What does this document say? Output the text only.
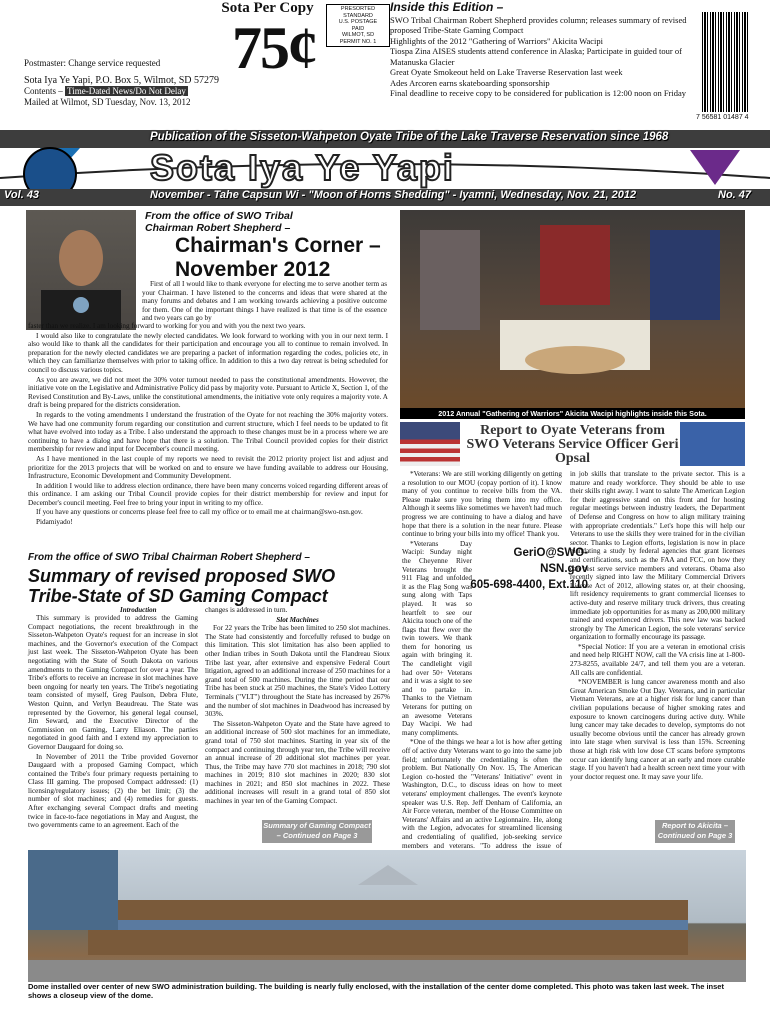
Postmaster: Change service requested
Sota Iya Ye Yapi, P.O. Box 5, Wilmot, SD 57279
Contents – Time-Dated News/Do Not Delay
Mailed at Wilmot, SD Tuesday, Nov. 13, 2012
Sota Per Copy
75¢
PRESORTED
STANDARD
U.S. POSTAGE
PAID
WILMOT, SD
PERMIT NO. 1
Inside this Edition –
SWO Tribal Chairman Robert Shepherd provides column; releases summary of revised proposed Tribe-State Gaming Compact
Highlights of the 2012 "Gathering of Warriors" Akicita Wacipi
Tiospa Zina AISES students attend conference in Alaska; Participate in guided tour of Matanuska Glacier
Great Oyate Smokeout held on Lake Traverse Reservation last week
Ades Arcoren earns skateboarding sponsorship
Final deadline to receive copy to be considered for publication is 12:00 noon on Friday
7 56581 01487 4
Publication of the Sisseton-Wahpeton Oyate Tribe of the Lake Traverse Reservation since 1968
Sota Iya Ye Yapi
Vol. 43	November - Tahe Capsun Wi - "Moon of Horns Shedding" - Iyamni, Wednesday, Nov. 21, 2012	No. 47
From the office of SWO Tribal
Chairman Robert Shepherd –
Chairman's Corner –
November 2012

First of all I would like to thank everyone for electing me to serve another term as your Chairman. I have listened to the concerns and ideas that were shared at the many forums and debates and I am working towards achieving a positive outcome for them. One of the important things I have realized is that time is of the essence and two years can go by

faster than we realize. I am looking forward to working for you and with you the next two years.

I would also like to congratulate the newly elected candidates. We look forward to working with you in our next term. I also would like to thank all the candidates for their participation and encourage you all to continue to remain involved. In preparation for the newly elected candidates we are preparing a packet of information regarding the codes, policies etc, in which they can familiarize themselves with prior to taking office. In addition to this a two day retreat is being scheduled for council to discuss various topics.

As you are aware, we did not meet the 30% voter turnout needed to pass the constitutional amendments. However, the initiative vote on the Legislative and Administrative Policy did pass by majority vote. Pursuant to Article X, Section 1, of the Revised Constitution and By-Laws, unlike the constitutional amendments, the initiative vote only requires a majority vote. A draft is being prepared for the districts consideration.

In regards to the voting amendments I understand the frustration of the Oyate for not reaching the 30% majority voters. We have had one community forum regarding our constitution and current structure, which I feel needs to be updated to fit what have evolved into today as a Tribe. I also understand the approach to these changes must be in a process where we are continuing to have a dialog and have hope that there is a solution. The Tribal Council provided copies for their district membership for review and input for December's council meeting.

As I have mentioned in the last couple of my reports we need to revisit the 2012 priority project list and adjust and prioritize for the 2013 projects that will be worked on and to ensure we have funding available to address our Housing, Infrastructure, Economic Development and Community Development.

In addition I would like to address election ordinance, there have been many concerns voiced regarding different areas of this ordinance. I am asking our Tribal Council provide copies for their district membership for review and input for December's council meeting. Feel free to bring your input in writing to my office.

If you have any questions or concerns please feel free to call my office or to email me at chairman@swo-nsn.gov.

Pidamiyado!

2012 Annual "Gathering of Warriors" Akicita Wacipi highlights inside this Sota.
From the office of SWO Tribal Chairman Robert Shepherd –
Summary of revised proposed SWO Tribe-State of SD Gaming Compact
Introduction

This summary is provided to address the Gaming Compact negotiations, the recent breakthrough in the Sisseton-Wahpeton Oyate's request for an increase in slot machines, and the Governor's execution of the Compact just last week. The Sisseton-Wahpeton Oyate has been negotiating with the State of South Dakota on various amendments to the Gaming Compact for over a year. The Tribe's efforts to receive an increase in slot machines have been ongoing for nearly ten years. The Tribe's negotiating team consisted of myself, Greg Paulson, Debra Flute, Weston Quinn, and Verlyn Beaudreau. The State was represented by the Governor, his general legal counsel, Jim Seward, and the Executive Director of the Commission on Gaming, Larry Eliason. The parties negotiated in good faith and I extend my appreciation to Governor Daugaard for doing so.

In November of 2011 the Tribe provided Governor Daugaard with a proposed Gaming Compact, which contained the Tribe's four primary requests pertaining to Class III gaming. The proposed Compact addressed: (1) licensing/regulatory issues; (2) the bet limit; (3) the number of slot machines; and (4) remedies for guests. After exchanging several Compact drafts and meeting twice in face-to-face negotiations in May and August, the two governments came to an agreement. Each of the

changes is addressed in turn.

Slot Machines

For 22 years the Tribe has been limited to 250 slot machines. The State had consistently and forcefully refused to budge on this limitation. This slot limitation has also been applied to other Indian tribes in South Dakota until the Flandreau Sioux Tribe last year, after extensive and expensive Federal Court litigation, agreed to an additional increase of 250 machines for a grand total of 500 machines. During the time period that our Tribe has been stuck at 250 machines, the State's Video Lottery Terminals ("VLT") throughout the State has increased by 267% and the number of slot machines in Deadwood has increased by 303%.

The Sisseton-Wahpeton Oyate and the State have agreed to an additional increase of 500 slot machines for an immediate, grand total of 750 slot machines. Starting in year six of the compact and continuing through year ten, the Tribe will receive an annual increase of 20 additional slot machines per year. Thus, the Tribe may have 770 slot machines in 2018; 790 slot machines in 2019; 810 slot machines in 2020; 830 slot machines in 2021; and 850 slot machines in 2022. These additional increases will result in a grand total of 850 slot machines in year ten of the Gaming Compact.

Summary of Gaming Compact – Continued on Page 3
Report to Oyate Veterans from SWO Veterans Service Officer Geri Opsal

*Veterans: We are still working diligently on getting a resolution to our MOU (copay portion of it). I know many of you continue to receive bills from the VA. Please make sure you bring them into my office. Although it seems like sometimes we haven't had much progress we are continuing to have a dialog and have hope that there is a solution in the near future. Please continue to bring your bills into my office! Thank you.

*Veterans Day Wacipi: Sunday night the Cheyenne River Veterans brought the 911 Flag and unfolded it as the Flag Song was sung along with Taps played. It was so heartfelt to see our Akicita touch one of the flags that flew over the twin towers. We thank them for honoring us again with bringing it. The candlelight vigil had over 50+ Veterans and it was a sight to see and to partake in. Thanks to the Vietnam Veterans for putting on an awesome Veterans Day Wacipi. We had many compliments.

*One of the things we hear a lot is how after getting off of active duty Veterans want to go into the same job field; unfortunately the credentialing is often the problem. But Nationally On Nov. 15, The American Legion co-hosted the "Veterans' Initiative" event in Washington, D.C., to discuss ideas on how to meet veterans' employment challenges. The event's keynote speaker was U.S. Rep. Jeff Denham of California, an Air Force veteran, member of the House Committee on Veterans' Affairs and an active Legionnaire. He, along with the Legion, advocates for streamlined licensing and credentialing of qualified, job-seeking service members and veterans. "To address the issue of

GeriO@SWO-NSN.gov
605-698-4400, Ext.110

in job skills that translate to the private sector. This is a mature and ready workforce. They should be able to use their skills right away. I want to salute The American Legion for their aggressive stand on this front and for hosting regular meetings between industry leaders, the Department of Defense and Congress on how to align military training with appropriate credentials." Let's hope this will help our Veterans to use the skills they were trained for in the civilian sector. Thanks to Legion efforts, legislation is now in place mandating a study by federal agencies that grant licenses and certifications, such as the FAA and FCC, on how they can best serve service members and veterans. Obama also recently signed into law the Military Commercial Drivers License Act of 2012, allowing states or, at their choosing, lift residency requirements to grant commercial licenses to active-duty and reserve military truck drivers, thus creating immediate job opportunities for as many as 200,000 military trained and experienced drivers. This new law was backed strongly by The American Legion, the sole veterans' service organization to formally encourage its passage.

*Special Notice: If you are a veteran in emotional crisis and need help RIGHT NOW, call the VA crisis line at 1-800-273-8255, available 24/7, and tell them you are a veteran. All calls are confidential.

*NOVEMBER is lung cancer awareness month and also Great American Smoke Out Day. Veterans, and in particular Vietnam Veterans, are at a higher risk for lung cancer than civilian populations because of higher smoking rates and exposure to known carcinogens during active duty. While lung cancer may take decades to develop, symptoms do not usually become obvious until the cancer has already grown into late stage when survival is less than 15%. Screening those at high risk with low dose CT scans before symptoms occur can identify lung cancer at an early and more curable stage. If you haven't had a health screen next time your with your doctor request one. It may save your life.

Report to Akicita – Continued on Page 3
Dome installed over center of new SWO administration building. The building is nearly fully enclosed, with the installation of the center dome completed. This photo was taken last week. The inset shows a closeup view of the dome.
